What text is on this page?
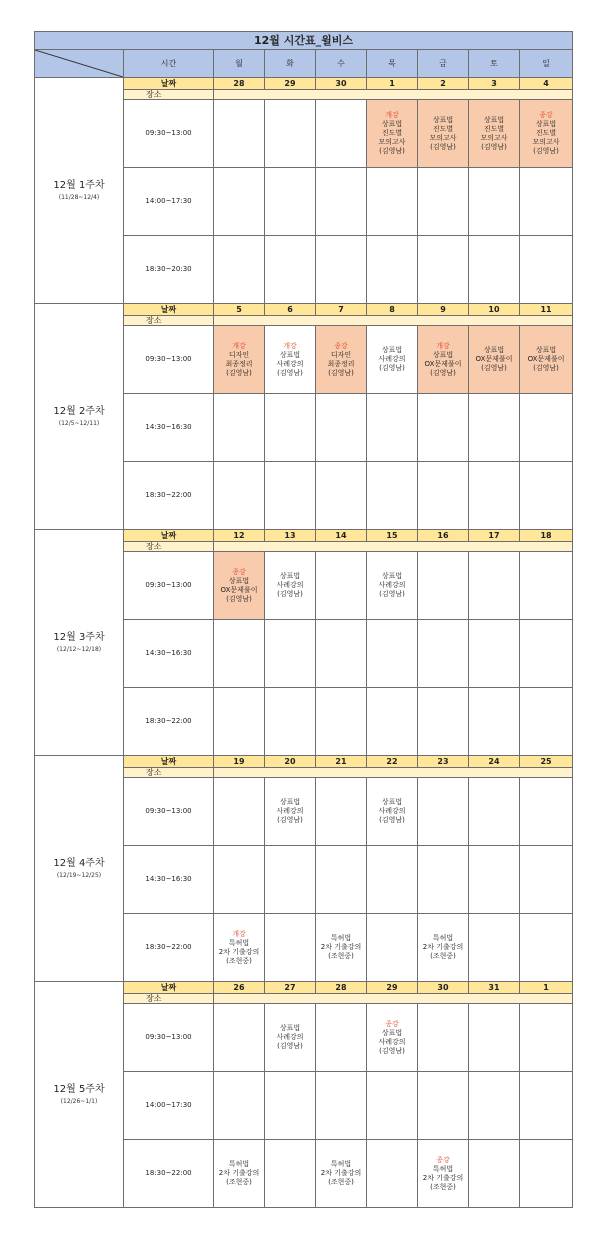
12월 시간표_윌비스								

	시간	월	화	수	목	금	토	일

12월 1주차
(11/28~12/4)	날짜	28	29	30	1	2	3	4
	장소							
	09:30~13:00				개강
상표법
진도별
모의고사
(김영남)	상표법
진도별
모의고사
(김영남)	상표법
진도별
모의고사
(김영남)	종강
상표법
진도별
모의고사
(김영남)

	14:00~17:30							
	18:30~20:30							

12월 2주차
(12/5~12/11)	날짜	5	6	7	8	9	10	11
	장소							
	09:30~13:00	개강
디자인
최종정리
(김영남)	개강
상표법
사례강의
(김영남)	종강
디자인
최종정리
(김영남)	상표법
사례강의
(김영남)	개강
상표법
OX문제풀이
(김영남)	상표법
OX문제풀이
(김영남)	상표법
OX문제풀이
(김영남)

	14:30~16:30							
	18:30~22:00							

12월 3주차
(12/12~12/18)	날짜	12	13	14	15	16	17	18
	장소							
	09:30~13:00	종강
상표법
OX문제풀이
(김영남)	상표법
사례강의
(김영남)		상표법
사례강의
(김영남)			

	14:30~16:30							
	18:30~22:00							

12월 4주차
(12/19~12/25)	날짜	19	20	21	22	23	24	25
	장소							
	09:30~13:00		상표법
사례강의
(김영남)		상표법
사례강의
(김영남)			

	14:30~16:30							
	18:30~22:00	개강
특허법
2차 기출강의
(조현중)		특허법
2차 기출강의
(조현중)		특허법
2차 기출강의
(조현중)		

12월 5주차
(12/26~1/1)	날짜	26	27	28	29	30	31	1
	장소							
	09:30~13:00		상표법
사례강의
(김영남)		종강
상표법
사례강의
(김영남)			

	14:00~17:30							
	18:30~22:00	특허법
2차 기출강의
(조현중)		특허법
2차 기출강의
(조현중)		종강
특허법
2차 기출강의
(조현중)		
